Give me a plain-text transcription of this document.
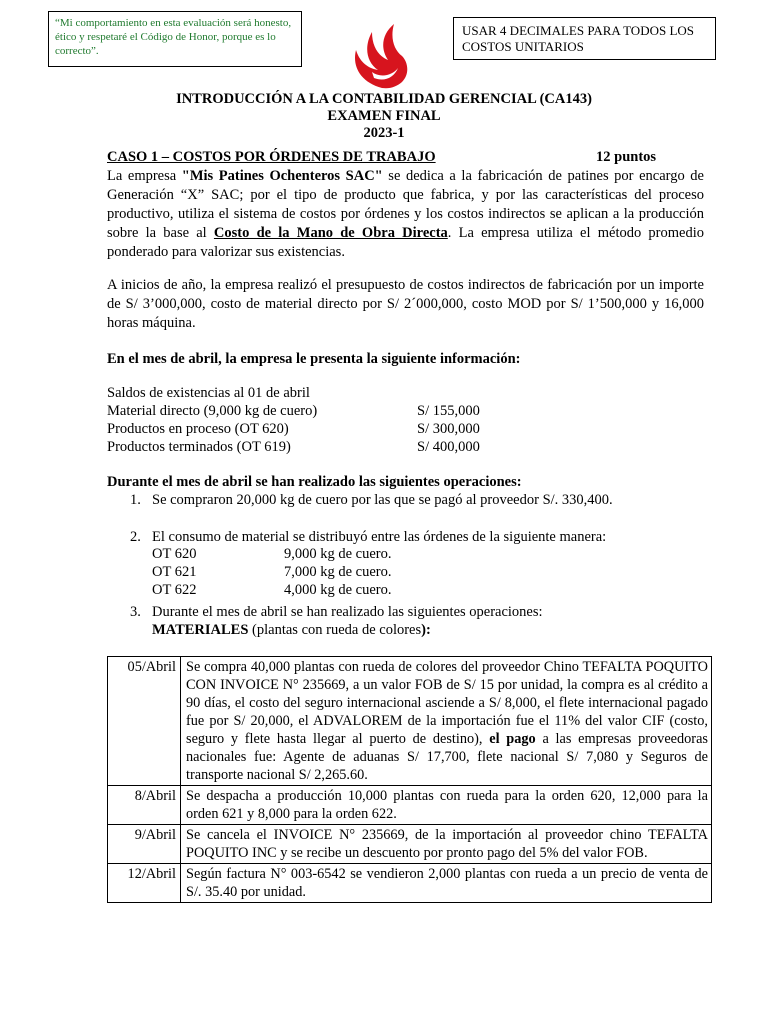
“Mi comportamiento en esta evaluación será honesto, ético y respetaré el Código de Honor, porque es lo correcto”.
USAR 4 DECIMALES PARA TODOS LOS COSTOS UNITARIOS
INTRODUCCIÓN A LA CONTABILIDAD GERENCIAL (CA143)
EXAMEN FINAL
2023-1
CASO 1 – COSTOS POR ÓRDENES DE TRABAJO	12 puntos
La empresa "Mis Patines Ochenteros SAC" se dedica a la fabricación de patines por encargo de Generación “X” SAC; por el tipo de producto que fabrica, y por las características del proceso productivo, utiliza el sistema de costos por órdenes y los costos indirectos se aplican a la producción sobre la base al Costo de la Mano de Obra Directa. La empresa utiliza el método promedio ponderado para valorizar sus existencias.
A inicios de año, la empresa realizó el presupuesto de costos indirectos de fabricación por un importe de S/ 3’000,000, costo de material directo por S/ 2´000,000, costo MOD por S/ 1’500,000 y 16,000 horas máquina.
En el mes de abril, la empresa le presenta la siguiente información:
Saldos de existencias al 01 de abril
Material directo (9,000 kg de cuero)	S/ 155,000
Productos en proceso (OT 620)	S/ 300,000
Productos terminados (OT 619)	S/ 400,000
Durante el mes de abril se han realizado las siguientes operaciones:
1. Se compraron 20,000 kg de cuero por las que se pagó al proveedor S/. 330,400.
2. El consumo de material se distribuyó entre las órdenes de la siguiente manera:
OT 620	9,000 kg de cuero.
OT 621	7,000 kg de cuero.
OT 622	4,000 kg de cuero.
3. Durante el mes de abril se han realizado las siguientes operaciones:
MATERIALES (plantas con rueda de colores):
05/Abril	Se compra 40,000 plantas con rueda de colores del proveedor Chino TEFALTA POQUITO CON INVOICE N° 235669, a un valor FOB de S/ 15 por unidad, la compra es al crédito a 90 días, el costo del seguro internacional asciende a S/ 8,000, el flete internacional pagado fue por S/ 20,000, el ADVALOREM de la importación fue el 11% del valor CIF (costo, seguro y flete hasta llegar al puerto de destino), el pago a las empresas proveedoras nacionales fue: Agente de aduanas S/ 17,700, flete nacional S/ 7,080 y Seguros de transporte nacional S/ 2,265.60.
8/Abril	Se despacha a producción 10,000 plantas con rueda para la orden 620, 12,000 para la orden 621 y 8,000 para la orden 622.
9/Abril	Se cancela el INVOICE N° 235669, de la importación al proveedor chino TEFALTA POQUITO INC y se recibe un descuento por pronto pago del 5% del valor FOB.
12/Abril	Según factura N° 003-6542 se vendieron 2,000 plantas con rueda a un precio de venta de S/. 35.40 por unidad.
